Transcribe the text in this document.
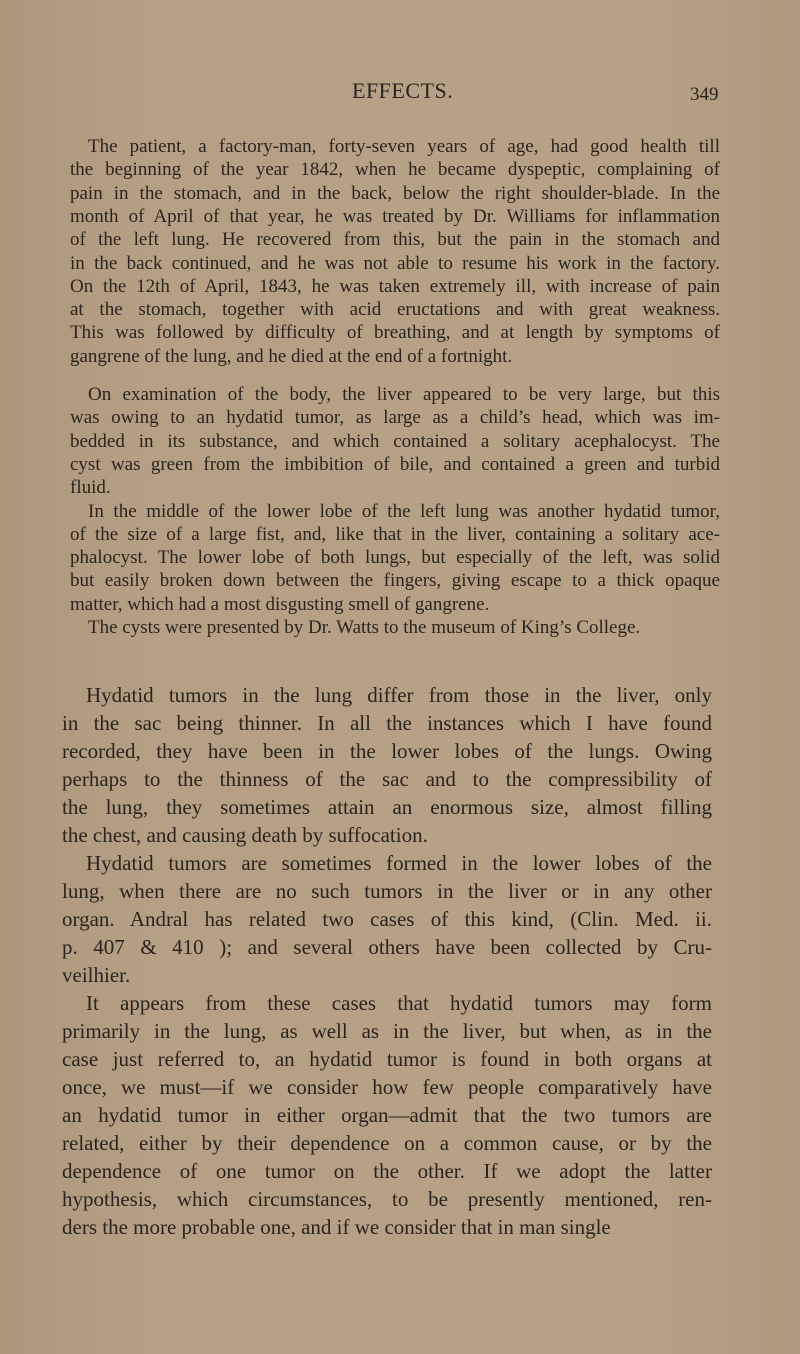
EFFECTS.	349
The patient, a factory-man, forty-seven years of age, had good health till
the beginning of the year 1842, when he became dyspeptic, complaining of
pain in the stomach, and in the back, below the right shoulder-blade. In the
month of April of that year, he was treated by Dr. Williams for inflammation
of the left lung. He recovered from this, but the pain in the stomach and
in the back continued, and he was not able to resume his work in the factory.
On the 12th of April, 1843, he was taken extremely ill, with increase of pain
at the stomach, together with acid eructations and with great weakness.
This was followed by difficulty of breathing, and at length by symptoms of
gangrene of the lung, and he died at the end of a fortnight.
On examination of the body, the liver appeared to be very large, but this
was owing to an hydatid tumor, as large as a child’s head, which was im-
bedded in its substance, and which contained a solitary acephalocyst. The
cyst was green from the imbibition of bile, and contained a green and turbid
fluid.
In the middle of the lower lobe of the left lung was another hydatid tumor,
of the size of a large fist, and, like that in the liver, containing a solitary ace-
phalocyst. The lower lobe of both lungs, but especially of the left, was solid
but easily broken down between the fingers, giving escape to a thick opaque
matter, which had a most disgusting smell of gangrene.
The cysts were presented by Dr. Watts to the museum of King’s College.
Hydatid tumors in the lung differ from those in the liver, only
in the sac being thinner. In all the instances which I have found
recorded, they have been in the lower lobes of the lungs. Owing
perhaps to the thinness of the sac and to the compressibility of
the lung, they sometimes attain an enormous size, almost filling
the chest, and causing death by suffocation.
Hydatid tumors are sometimes formed in the lower lobes of the
lung, when there are no such tumors in the liver or in any other
organ. Andral has related two cases of this kind, (Clin. Med. ii.
p. 407 & 410 ); and several others have been collected by Cru-
veilhier.
It appears from these cases that hydatid tumors may form
primarily in the lung, as well as in the liver, but when, as in the
case just referred to, an hydatid tumor is found in both organs at
once, we must—if we consider how few people comparatively have
an hydatid tumor in either organ—admit that the two tumors are
related, either by their dependence on a common cause, or by the
dependence of one tumor on the other. If we adopt the latter
hypothesis, which circumstances, to be presently mentioned, ren-
ders the more probable one, and if we consider that in man single
